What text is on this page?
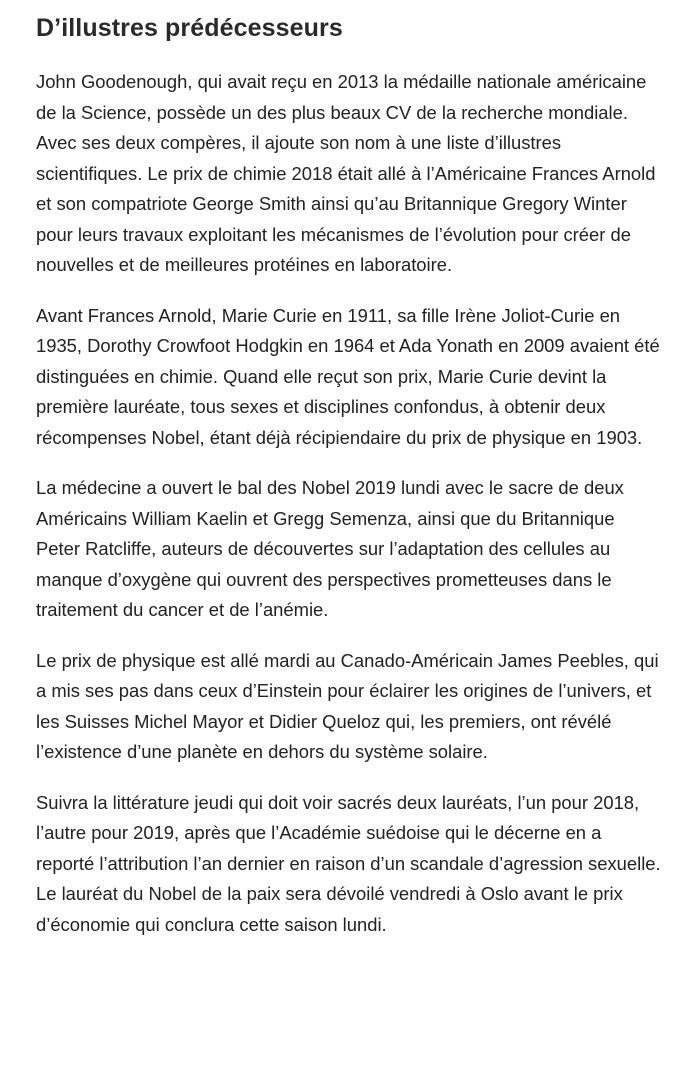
D’illustres prédécesseurs

John Goodenough, qui avait reçu en 2013 la médaille nationale américaine de la Science, possède un des plus beaux CV de la recherche mondiale. Avec ses deux compères, il ajoute son nom à une liste d’illustres scientifiques. Le prix de chimie 2018 était allé à l’Américaine Frances Arnold et son compatriote George Smith ainsi qu’au Britannique Gregory Winter pour leurs travaux exploitant les mécanismes de l’évolution pour créer de nouvelles et de meilleures protéines en laboratoire.

Avant Frances Arnold, Marie Curie en 1911, sa fille Irène Joliot-Curie en 1935, Dorothy Crowfoot Hodgkin en 1964 et Ada Yonath en 2009 avaient été distinguées en chimie. Quand elle reçut son prix, Marie Curie devint la première lauréate, tous sexes et disciplines confondus, à obtenir deux récompenses Nobel, étant déjà récipiendaire du prix de physique en 1903.

La médecine a ouvert le bal des Nobel 2019 lundi avec le sacre de deux Américains William Kaelin et Gregg Semenza, ainsi que du Britannique Peter Ratcliffe, auteurs de découvertes sur l’adaptation des cellules au manque d’oxygène qui ouvrent des perspectives prometteuses dans le traitement du cancer et de l’anémie.

Le prix de physique est allé mardi au Canado-Américain James Peebles, qui a mis ses pas dans ceux d’Einstein pour éclairer les origines de l’univers, et les Suisses Michel Mayor et Didier Queloz qui, les premiers, ont révélé l’existence d’une planète en dehors du système solaire.

Suivra la littérature jeudi qui doit voir sacrés deux lauréats, l’un pour 2018, l’autre pour 2019, après que l’Académie suédoise qui le décerne en a reporté l’attribution l’an dernier en raison d’un scandale d’agression sexuelle. Le lauréat du Nobel de la paix sera dévoilé vendredi à Oslo avant le prix d’économie qui conclura cette saison lundi.
